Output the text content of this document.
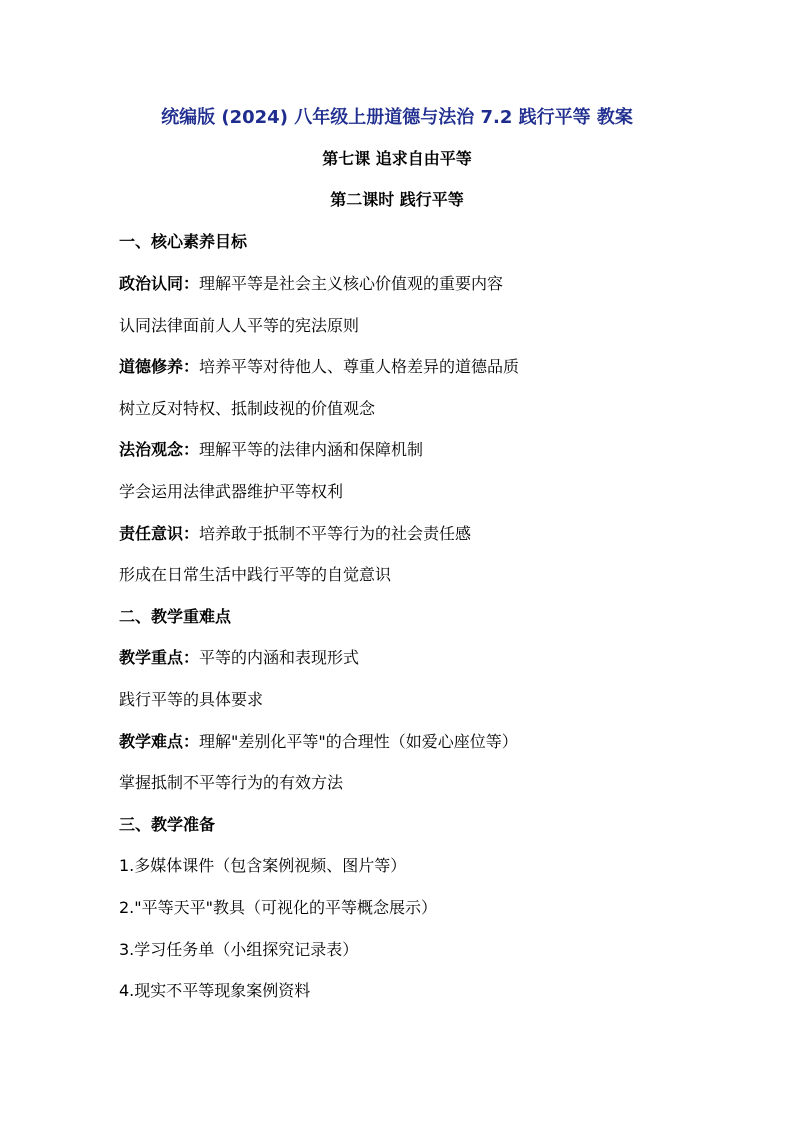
统编版 (2024) 八年级上册道德与法治 7.2 践行平等 教案
第七课 追求自由平等
第二课时 践行平等
一、核心素养目标
政治认同：理解平等是社会主义核心价值观的重要内容
认同法律面前人人平等的宪法原则
道德修养：培养平等对待他人、尊重人格差异的道德品质
树立反对特权、抵制歧视的价值观念
法治观念：理解平等的法律内涵和保障机制
学会运用法律武器维护平等权利
责任意识：培养敢于抵制不平等行为的社会责任感
形成在日常生活中践行平等的自觉意识
二、教学重难点
教学重点：平等的内涵和表现形式
践行平等的具体要求
教学难点：理解"差别化平等"的合理性（如爱心座位等）
掌握抵制不平等行为的有效方法
三、教学准备
1.多媒体课件（包含案例视频、图片等）
2."平等天平"教具（可视化的平等概念展示）
3.学习任务单（小组探究记录表）
4.现实不平等现象案例资料
